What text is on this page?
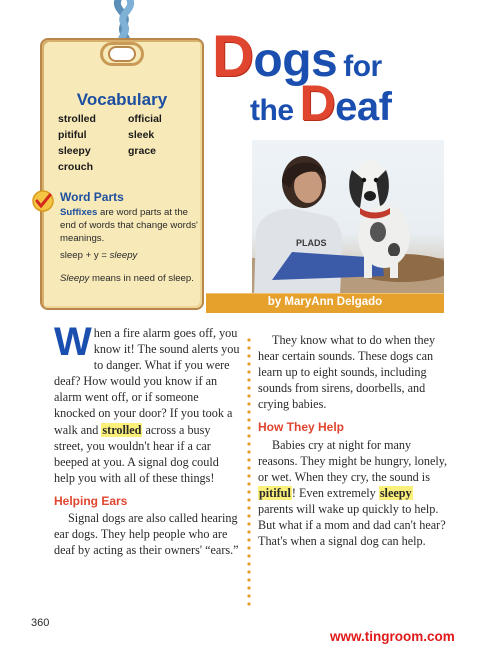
Vocabulary
strolled	official
pitiful	sleek
sleepy	grace
crouch
Word Parts
Suffixes are word parts at the end of words that change words' meanings.
sleep + y = sleepy
Sleepy means in need of sleep.
Dogs for
the Deaf
PLADS
by MaryAnn Delgado

When a fire alarm goes off, you know it! The sound alerts you to danger. What if you were deaf? How would you know if an alarm went off, or if someone knocked on your door? If you took a walk and strolled across a busy street, you wouldn't hear if a car beeped at you. A signal dog could help you with all of these things!

Helping Ears

Signal dogs are also called hearing ear dogs. They help people who are deaf by acting as their owners' “ears.”

They know what to do when they hear certain sounds. These dogs can learn up to eight sounds, including sounds from sirens, doorbells, and crying babies.

How They Help

Babies cry at night for many reasons. They might be hungry, lonely, or wet. When they cry, the sound is pitiful! Even extremely sleepy parents will wake up quickly to help. But what if a mom and dad can't hear? That's when a signal dog can help.

360
www.tingroom.com
